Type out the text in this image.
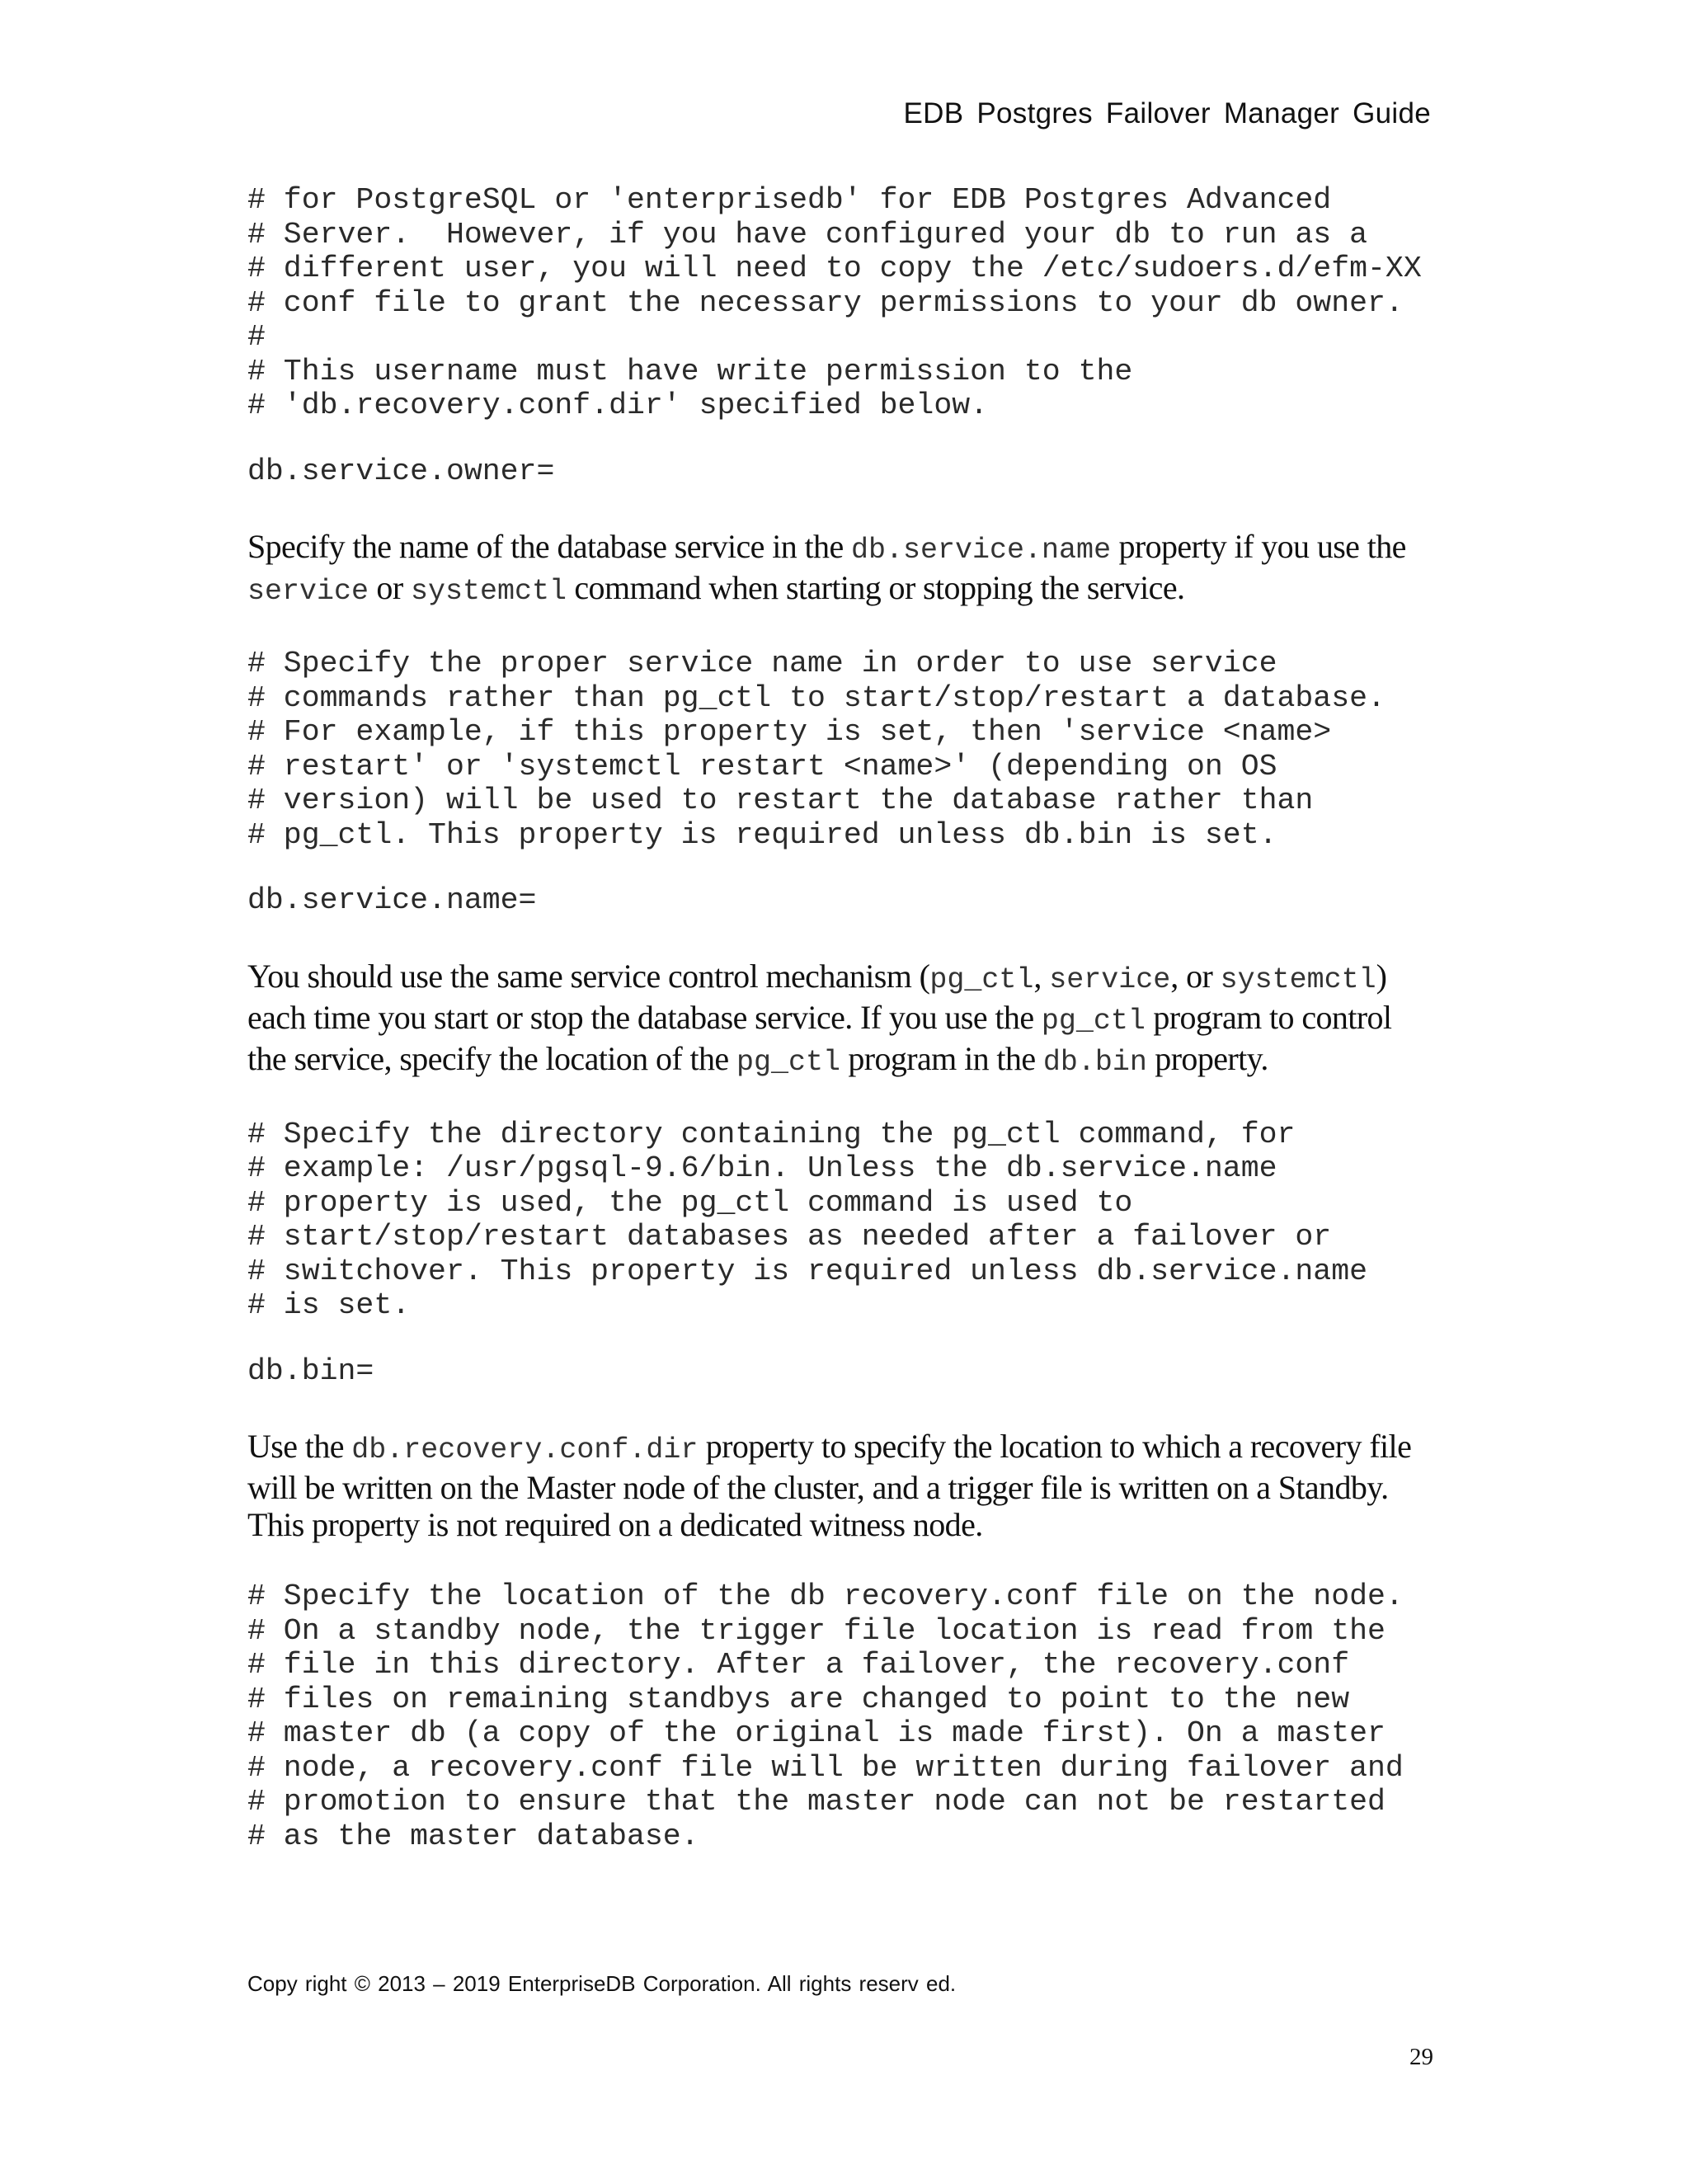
EDB Postgres Failover Manager Guide
# for PostgreSQL or 'enterprisedb' for EDB Postgres Advanced
# Server.  However, if you have configured your db to run as a
# different user, you will need to copy the /etc/sudoers.d/efm-XX
# conf file to grant the necessary permissions to your db owner.
#
# This username must have write permission to the
# 'db.recovery.conf.dir' specified below.
db.service.owner=

Specify the name of the database service in the db.service.name property if you use the service or systemctl command when starting or stopping the service.

# Specify the proper service name in order to use service
# commands rather than pg_ctl to start/stop/restart a database.
# For example, if this property is set, then 'service <name>
# restart' or 'systemctl restart <name>' (depending on OS
# version) will be used to restart the database rather than
# pg_ctl. This property is required unless db.bin is set.
db.service.name=

You should use the same service control mechanism (pg_ctl, service, or systemctl) each time you start or stop the database service. If you use the pg_ctl program to control the service, specify the location of the pg_ctl program in the db.bin property.

# Specify the directory containing the pg_ctl command, for
# example: /usr/pgsql-9.6/bin. Unless the db.service.name
# property is used, the pg_ctl command is used to
# start/stop/restart databases as needed after a failover or
# switchover. This property is required unless db.service.name
# is set.
db.bin=

Use the db.recovery.conf.dir property to specify the location to which a recovery file will be written on the Master node of the cluster, and a trigger file is written on a Standby. This property is not required on a dedicated witness node.

# Specify the location of the db recovery.conf file on the node.
# On a standby node, the trigger file location is read from the
# file in this directory. After a failover, the recovery.conf
# files on remaining standbys are changed to point to the new
# master db (a copy of the original is made first). On a master
# node, a recovery.conf file will be written during failover and
# promotion to ensure that the master node can not be restarted
# as the master database.
Copy right © 2013 – 2019 EnterpriseDB Corporation. All rights reserv ed.
29
